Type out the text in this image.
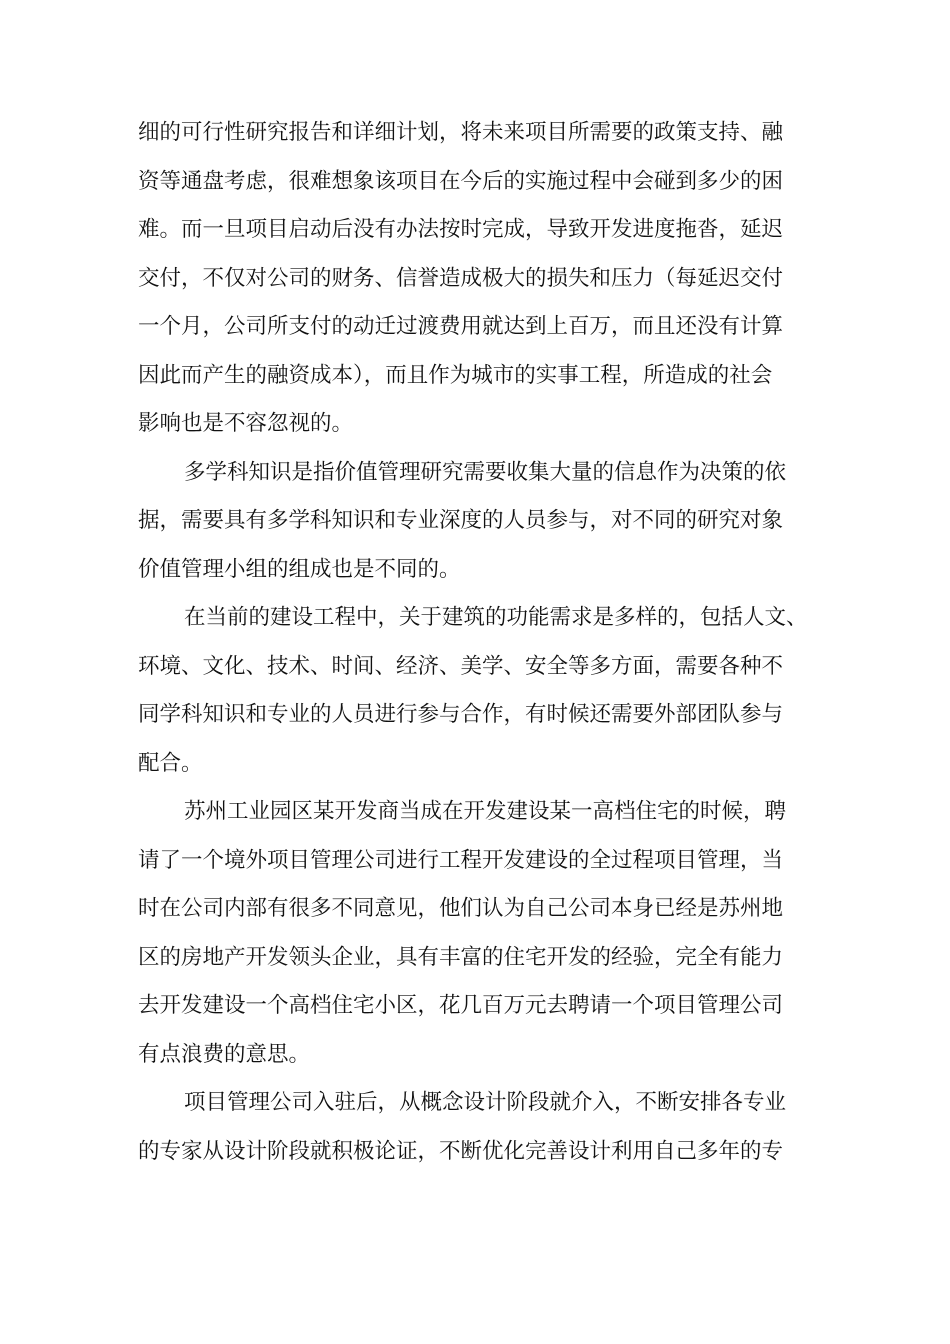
细的可行性研究报告和详细计划，将未来项目所需要的政策支持、融
资等通盘考虑，很难想象该项目在今后的实施过程中会碰到多少的困
难。而一旦项目启动后没有办法按时完成，导致开发进度拖沓，延迟
交付，不仅对公司的财务、信誉造成极大的损失和压力（每延迟交付
一个月，公司所支付的动迁过渡费用就达到上百万，而且还没有计算
因此而产生的融资成本），而且作为城市的实事工程，所造成的社会
影响也是不容忽视的。
多学科知识是指价值管理研究需要收集大量的信息作为决策的依
据，需要具有多学科知识和专业深度的人员参与，对不同的研究对象
价值管理小组的组成也是不同的。
在当前的建设工程中，关于建筑的功能需求是多样的，包括人文、
环境、文化、技术、时间、经济、美学、安全等多方面，需要各种不
同学科知识和专业的人员进行参与合作，有时候还需要外部团队参与
配合。
苏州工业园区某开发商当成在开发建设某一高档住宅的时候，聘
请了一个境外项目管理公司进行工程开发建设的全过程项目管理，当
时在公司内部有很多不同意见，他们认为自己公司本身已经是苏州地
区的房地产开发领头企业，具有丰富的住宅开发的经验，完全有能力
去开发建设一个高档住宅小区，花几百万元去聘请一个项目管理公司
有点浪费的意思。
项目管理公司入驻后，从概念设计阶段就介入，不断安排各专业
的专家从设计阶段就积极论证，不断优化完善设计利用自己多年的专
